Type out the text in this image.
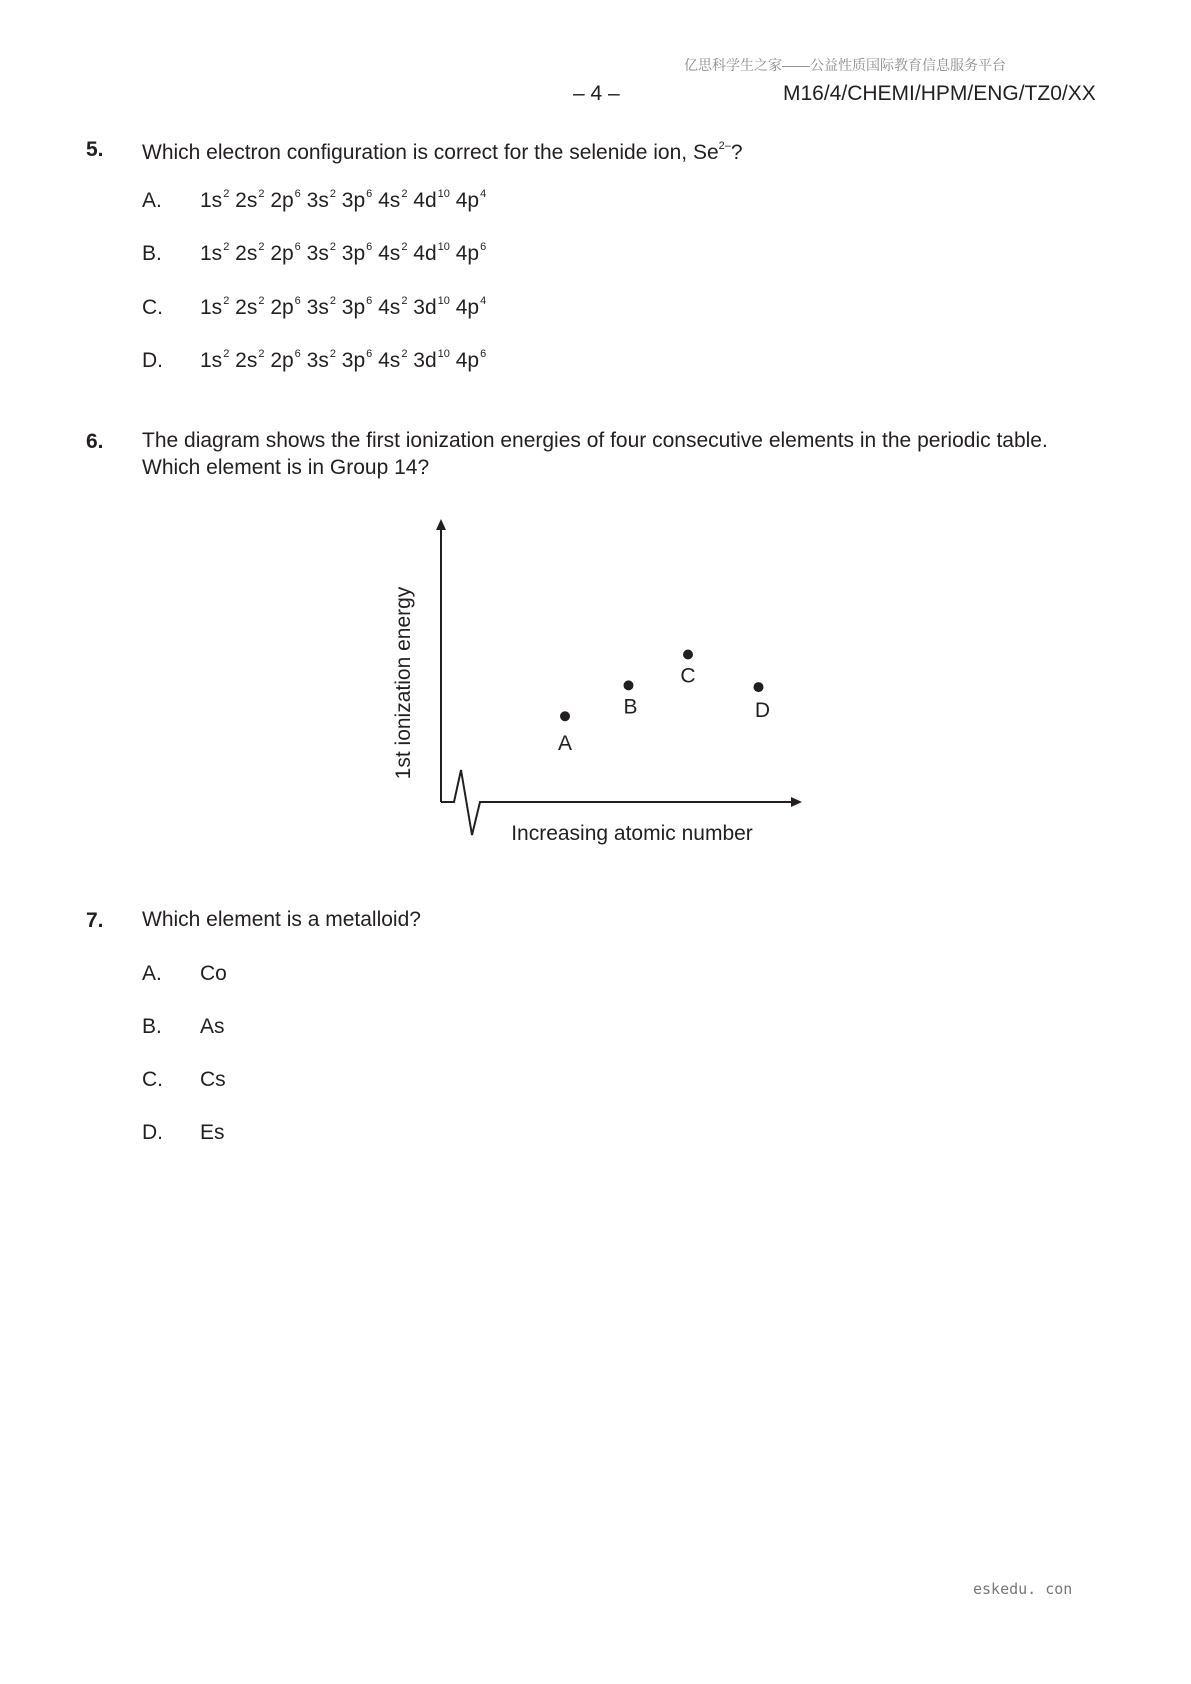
亿思科学生之家——公益性质国际教育信息服务平台
– 4 –	M16/4/CHEMI/HPM/ENG/TZ0/XX
5. Which electron configuration is correct for the selenide ion, $Se^{2-}$?
A. $1s^2$ $2s^2$ $2p^6$ $3s^2$ $3p^6$ $4s^2$ $4d^{10}$ $4p^4$
B. $1s^2$ $2s^2$ $2p^6$ $3s^2$ $3p^6$ $4s^2$ $4d^{10}$ $4p^6$
C. $1s^2$ $2s^2$ $2p^6$ $3s^2$ $3p^6$ $4s^2$ $3d^{10}$ $4p^4$
D. $1s^2$ $2s^2$ $2p^6$ $3s^2$ $3p^6$ $4s^2$ $3d^{10}$ $4p^6$
6. The diagram shows the first ionization energies of four consecutive elements in the periodic table.
Which element is in Group 14?
1st ionization energy
Increasing atomic number
A
B
C
D
7. Which element is a metalloid?
A. Co
B. As
C. Cs
D. Es
eskedu. con
